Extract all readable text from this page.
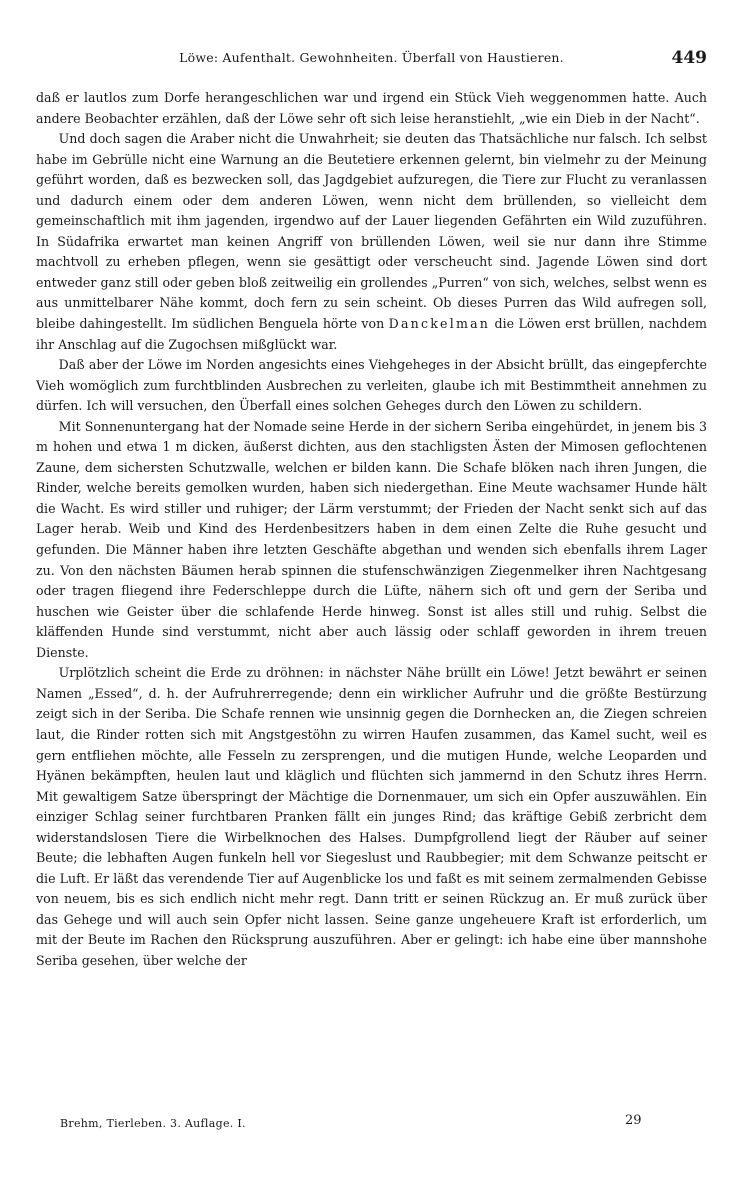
Löwe: Aufenthalt. Gewohnheiten. Überfall von Haustieren.	449

daß er lautlos zum Dorfe herangeschlichen war und irgend ein Stück Vieh weggenommen hatte. Auch andere Beobachter erzählen, daß der Löwe sehr oft sich leise heranstiehlt, „wie ein Dieb in der Nacht“.

Und doch sagen die Araber nicht die Unwahrheit; sie deuten das Thatsächliche nur falsch. Ich selbst habe im Gebrülle nicht eine Warnung an die Beutetiere erkennen gelernt, bin vielmehr zu der Meinung geführt worden, daß es bezwecken soll, das Jagdgebiet aufzuregen, die Tiere zur Flucht zu veranlassen und dadurch einem oder dem anderen Löwen, wenn nicht dem brüllenden, so vielleicht dem gemeinschaftlich mit ihm jagenden, irgendwo auf der Lauer liegenden Gefährten ein Wild zuzuführen. In Südafrika erwartet man keinen Angriff von brüllenden Löwen, weil sie nur dann ihre Stimme machtvoll zu erheben pflegen, wenn sie gesättigt oder verscheucht sind. Jagende Löwen sind dort entweder ganz still oder geben bloß zeitweilig ein grollendes „Purren“ von sich, welches, selbst wenn es aus unmittelbarer Nähe kommt, doch fern zu sein scheint. Ob dieses Purren das Wild aufregen soll, bleibe dahingestellt. Im südlichen Benguela hörte von Danckelman die Löwen erst brüllen, nachdem ihr Anschlag auf die Zugochsen mißglückt war.

Daß aber der Löwe im Norden angesichts eines Viehgeheges in der Absicht brüllt, das eingepferchte Vieh womöglich zum furchtblinden Ausbrechen zu verleiten, glaube ich mit Bestimmtheit annehmen zu dürfen. Ich will versuchen, den Überfall eines solchen Geheges durch den Löwen zu schildern.

Mit Sonnenuntergang hat der Nomade seine Herde in der sichern Seriba eingehürdet, in jenem bis 3 m hohen und etwa 1 m dicken, äußerst dichten, aus den stachligsten Ästen der Mimosen geflochtenen Zaune, dem sichersten Schutzwalle, welchen er bilden kann. Die Schafe blöken nach ihren Jungen, die Rinder, welche bereits gemolken wurden, haben sich niedergethan. Eine Meute wachsamer Hunde hält die Wacht. Es wird stiller und ruhiger; der Lärm verstummt; der Frieden der Nacht senkt sich auf das Lager herab. Weib und Kind des Herdenbesitzers haben in dem einen Zelte die Ruhe gesucht und gefunden. Die Männer haben ihre letzten Geschäfte abgethan und wenden sich ebenfalls ihrem Lager zu. Von den nächsten Bäumen herab spinnen die stufenschwänzigen Ziegenmelker ihren Nachtgesang oder tragen fliegend ihre Federschleppe durch die Lüfte, nähern sich oft und gern der Seriba und huschen wie Geister über die schlafende Herde hinweg. Sonst ist alles still und ruhig. Selbst die kläffenden Hunde sind verstummt, nicht aber auch lässig oder schlaff geworden in ihrem treuen Dienste.

Urplötzlich scheint die Erde zu dröhnen: in nächster Nähe brüllt ein Löwe! Jetzt bewährt er seinen Namen „Essed“, d. h. der Aufruhrerregende; denn ein wirklicher Aufruhr und die größte Bestürzung zeigt sich in der Seriba. Die Schafe rennen wie unsinnig gegen die Dornhecken an, die Ziegen schreien laut, die Rinder rotten sich mit Angstgestöhn zu wirren Haufen zusammen, das Kamel sucht, weil es gern entfliehen möchte, alle Fesseln zu zersprengen, und die mutigen Hunde, welche Leoparden und Hyänen bekämpften, heulen laut und kläglich und flüchten sich jammernd in den Schutz ihres Herrn. Mit gewaltigem Satze überspringt der Mächtige die Dornenmauer, um sich ein Opfer auszuwählen. Ein einziger Schlag seiner furchtbaren Pranken fällt ein junges Rind; das kräftige Gebiß zerbricht dem widerstandslosen Tiere die Wirbelknochen des Halses. Dumpfgrollend liegt der Räuber auf seiner Beute; die lebhaften Augen funkeln hell vor Siegeslust und Raubbegier; mit dem Schwanze peitscht er die Luft. Er läßt das verendende Tier auf Augenblicke los und faßt es mit seinem zermalmenden Gebisse von neuem, bis es sich endlich nicht mehr regt. Dann tritt er seinen Rückzug an. Er muß zurück über das Gehege und will auch sein Opfer nicht lassen. Seine ganze ungeheuere Kraft ist erforderlich, um mit der Beute im Rachen den Rücksprung auszuführen. Aber er gelingt: ich habe eine über mannshohe Seriba gesehen, über welche der

Brehm, Tierleben. 3. Auflage. I.	29
